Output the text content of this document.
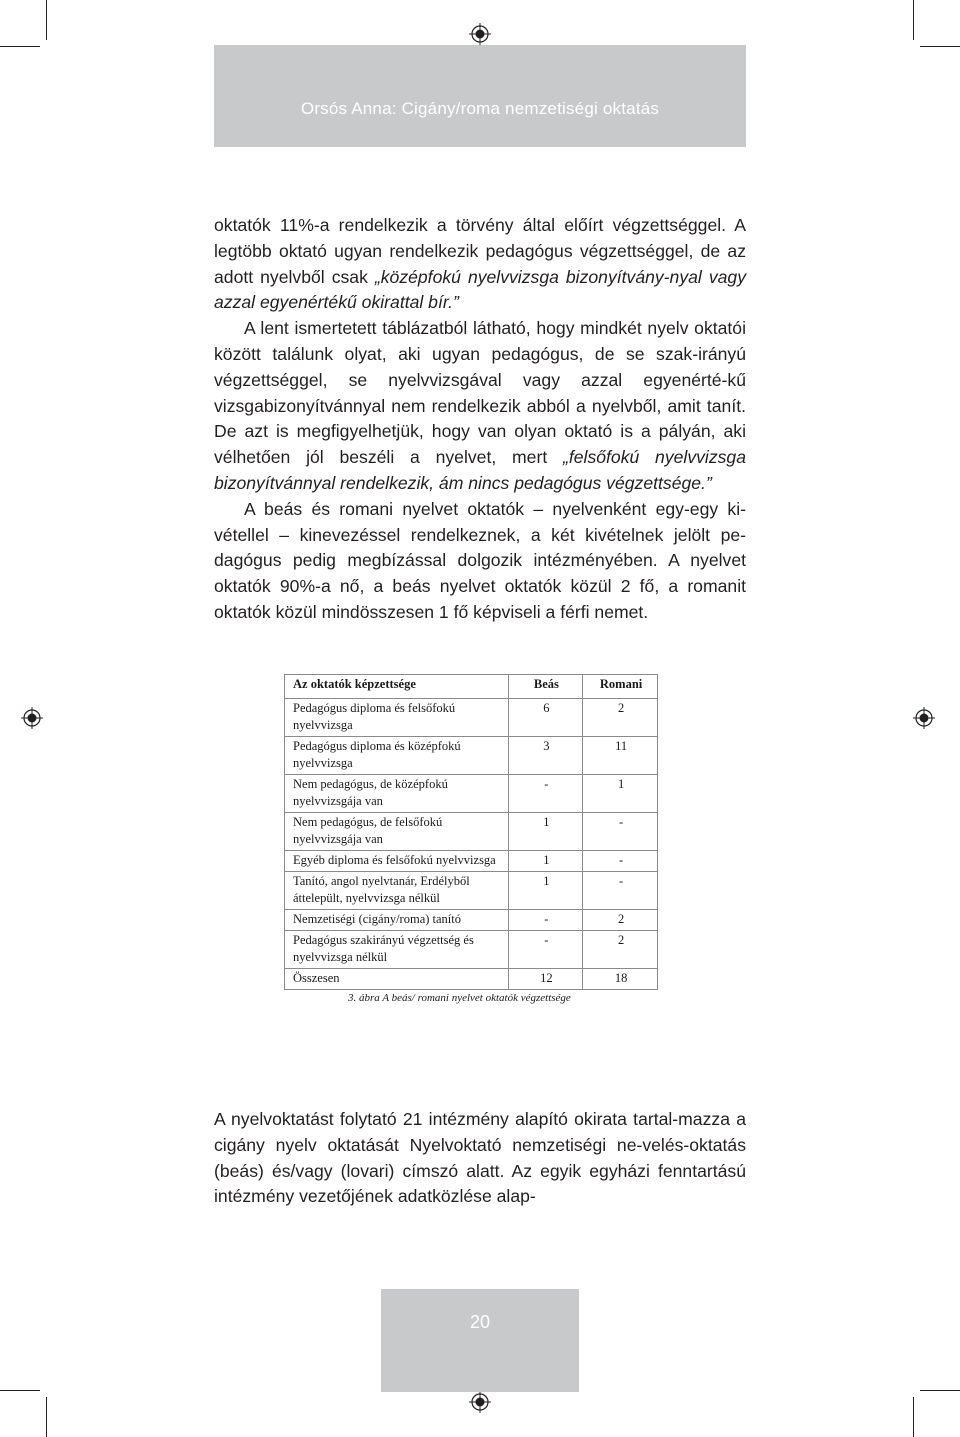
Orsós Anna: Cigány/roma nemzetiségi oktatás

oktatók 11%-a rendelkezik a törvény által előírt végzettséggel. A legtöbb oktató ugyan rendelkezik pedagógus végzettséggel, de az adott nyelvből csak „középfokú nyelvvizsga bizonyítvány-nyal vagy azzal egyenértékű okirattal bír.”

A lent ismertetett táblázatból látható, hogy mindkét nyelv oktatói között találunk olyat, aki ugyan pedagógus, de se szak-irányú végzettséggel, se nyelvvizsgával vagy azzal egyenérté-kű vizsgabizonyítvánnyal nem rendelkezik abból a nyelvből, amit tanít. De azt is megfigyelhetjük, hogy van olyan oktató is a pályán, aki vélhetően jól beszéli a nyelvet, mert „felsőfokú nyelvvizsga bizonyítvánnyal rendelkezik, ám nincs pedagógus végzettsége.”

A beás és romani nyelvet oktatók – nyelvenként egy-egy ki-vétellel – kinevezéssel rendelkeznek, a két kivételnek jelölt pe-dagógus pedig megbízással dolgozik intézményében. A nyelvet oktatók 90%-a nő, a beás nyelvet oktatók közül 2 fő, a romanit oktatók közül mindösszesen 1 fő képviseli a férfi nemet.

Az oktatók képzettsége	Beás	Romani
Pedagógus diploma és felsőfokú nyelvvizsga	6	2
Pedagógus diploma és középfokú nyelvvizsga	3	11
Nem pedagógus, de középfokú nyelvvizsgája van	-	1
Nem pedagógus, de felsőfokú nyelvvizsgája van	1	-
Egyéb diploma és felsőfokú nyelvvizsga	1	-
Tanító, angol nyelvtanár, Erdélyből áttelepült, nyelvvizsga nélkül	1	-
Nemzetiségi (cigány/roma) tanító	-	2
Pedagógus szakirányú végzettség és nyelvvizsga nélkül	-	2
Összesen	12	18
3. ábra A beás/ romani nyelvet oktatók végzettsége

A nyelvoktatást folytató 21 intézmény alapító okirata tartal-mazza a cigány nyelv oktatását Nyelvoktató nemzetiségi ne-velés-oktatás (beás) és/vagy (lovari) címszó alatt. Az egyik egyházi fenntartású intézmény vezetőjének adatközlése alap-

20
